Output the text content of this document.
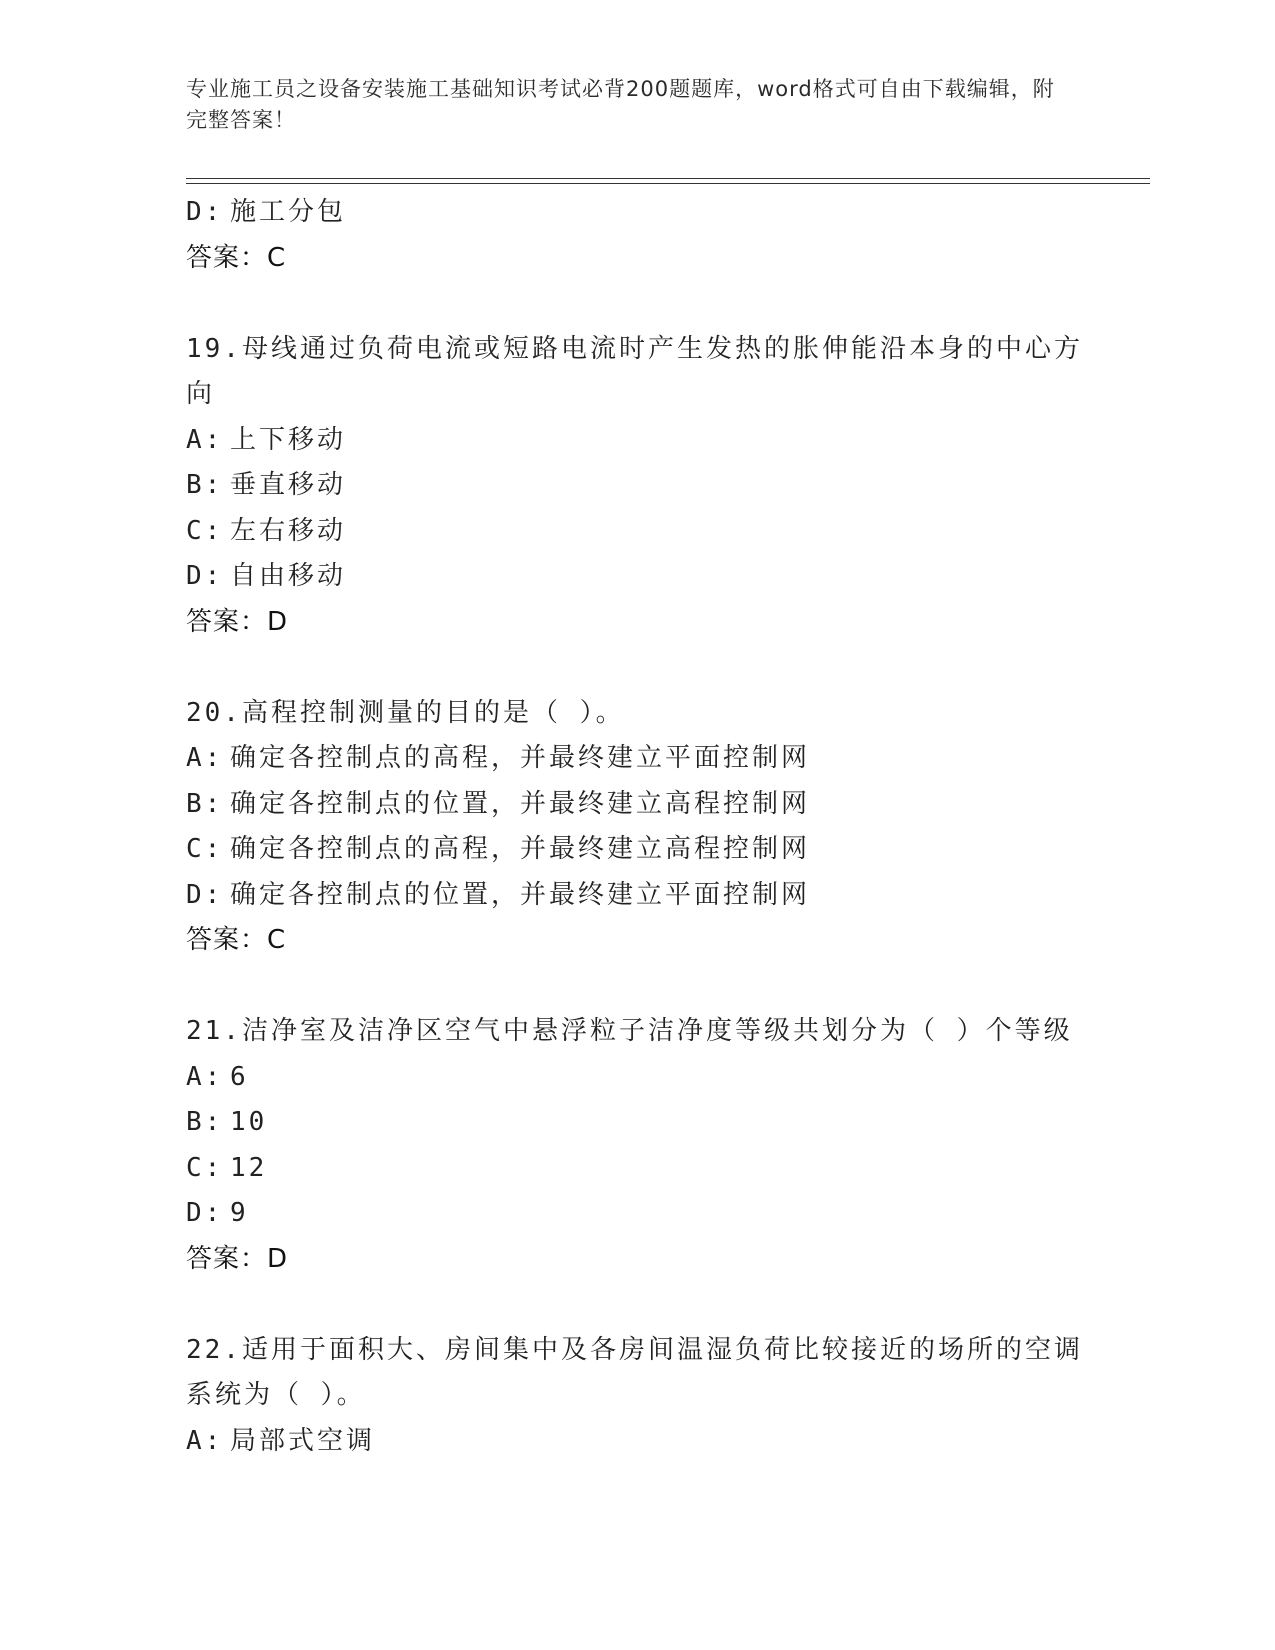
专业施工员之设备安装施工基础知识考试必背200题题库，word格式可自由下载编辑，附完整答案！
D: 施工分包
答案：C
19.母线通过负荷电流或短路电流时产生发热的胀伸能沿本身的中心方
向
A: 上下移动
B: 垂直移动
C: 左右移动
D: 自由移动
答案：D
20.高程控制测量的目的是（ ）。
A: 确定各控制点的高程，并最终建立平面控制网
B: 确定各控制点的位置，并最终建立高程控制网
C: 确定各控制点的高程，并最终建立高程控制网
D: 确定各控制点的位置，并最终建立平面控制网
答案：C
21.洁净室及洁净区空气中悬浮粒子洁净度等级共划分为（ ）个等级
A: 6
B: 10
C: 12
D: 9
答案：D
22.适用于面积大、房间集中及各房间温湿负荷比较接近的场所的空调
系统为（ ）。
A: 局部式空调
